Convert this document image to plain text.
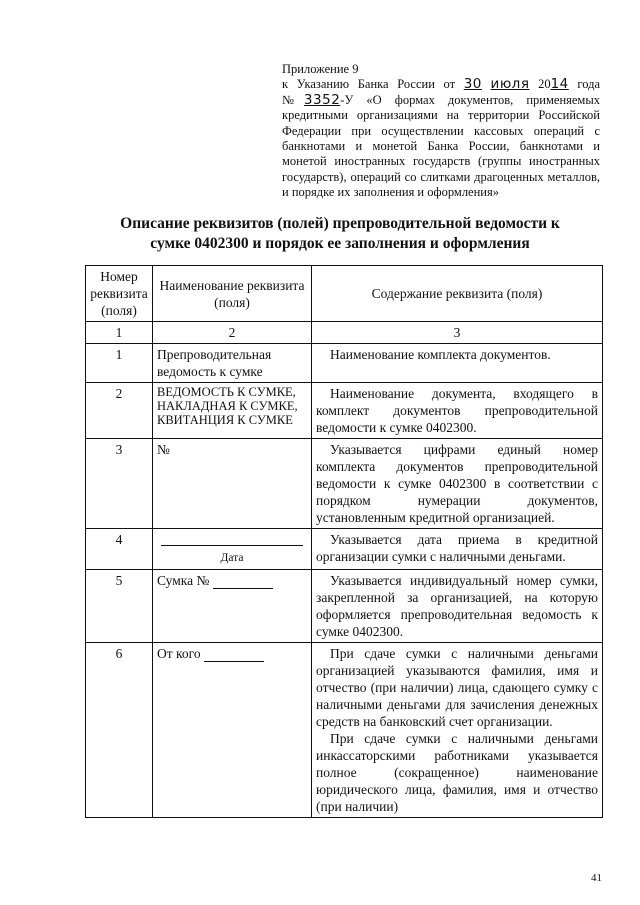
Приложение 9
к Указанию Банка России от 30 июля 2014 года №3352-У «О формах документов, применяемых кредитными организациями на территории Российской Федерации при осуществлении кассовых операций с банкнотами и монетой Банка России, банкнотами и монетой иностранных государств (группы иностранных государств), операций со слитками драгоценных металлов, и порядке их заполнения и оформления»
Описание реквизитов (полей) препроводительной ведомости к
сумке 0402300 и порядок ее заполнения и оформления
Номер реквизита (поля)	Наименование реквизита (поля)	Содержание реквизита (поля)
1	2	3
1	Препроводительная ведомость к сумке	Наименование комплекта документов.
2	ВЕДОМОСТЬ К СУМКЕ, НАКЛАДНАЯ К СУМКЕ, КВИТАНЦИЯ К СУМКЕ	Наименование документа, входящего в комплект документов препроводительной ведомости к сумке 0402300.
3	№	Указывается цифрами единый номер комплекта документов препроводительной ведомости к сумке 0402300 в соответствии с порядком нумерации документов, установленным кредитной организацией.
4	Дата	Указывается дата приема в кредитной организации сумки с наличными деньгами.
5	Сумка №	Указывается индивидуальный номер сумки, закрепленной за организацией, на которую оформляется препроводительная ведомость к сумке 0402300.
6	От кого	При сдаче сумки с наличными деньгами организацией указываются фамилия, имя и отчество (при наличии) лица, сдающего сумку с наличными деньгами для зачисления денежных средств на банковский счет организации.
При сдаче сумки с наличными деньгами инкассаторскими работниками указывается полное (сокращенное) наименование юридического лица, фамилия, имя и отчество (при наличии)
41
